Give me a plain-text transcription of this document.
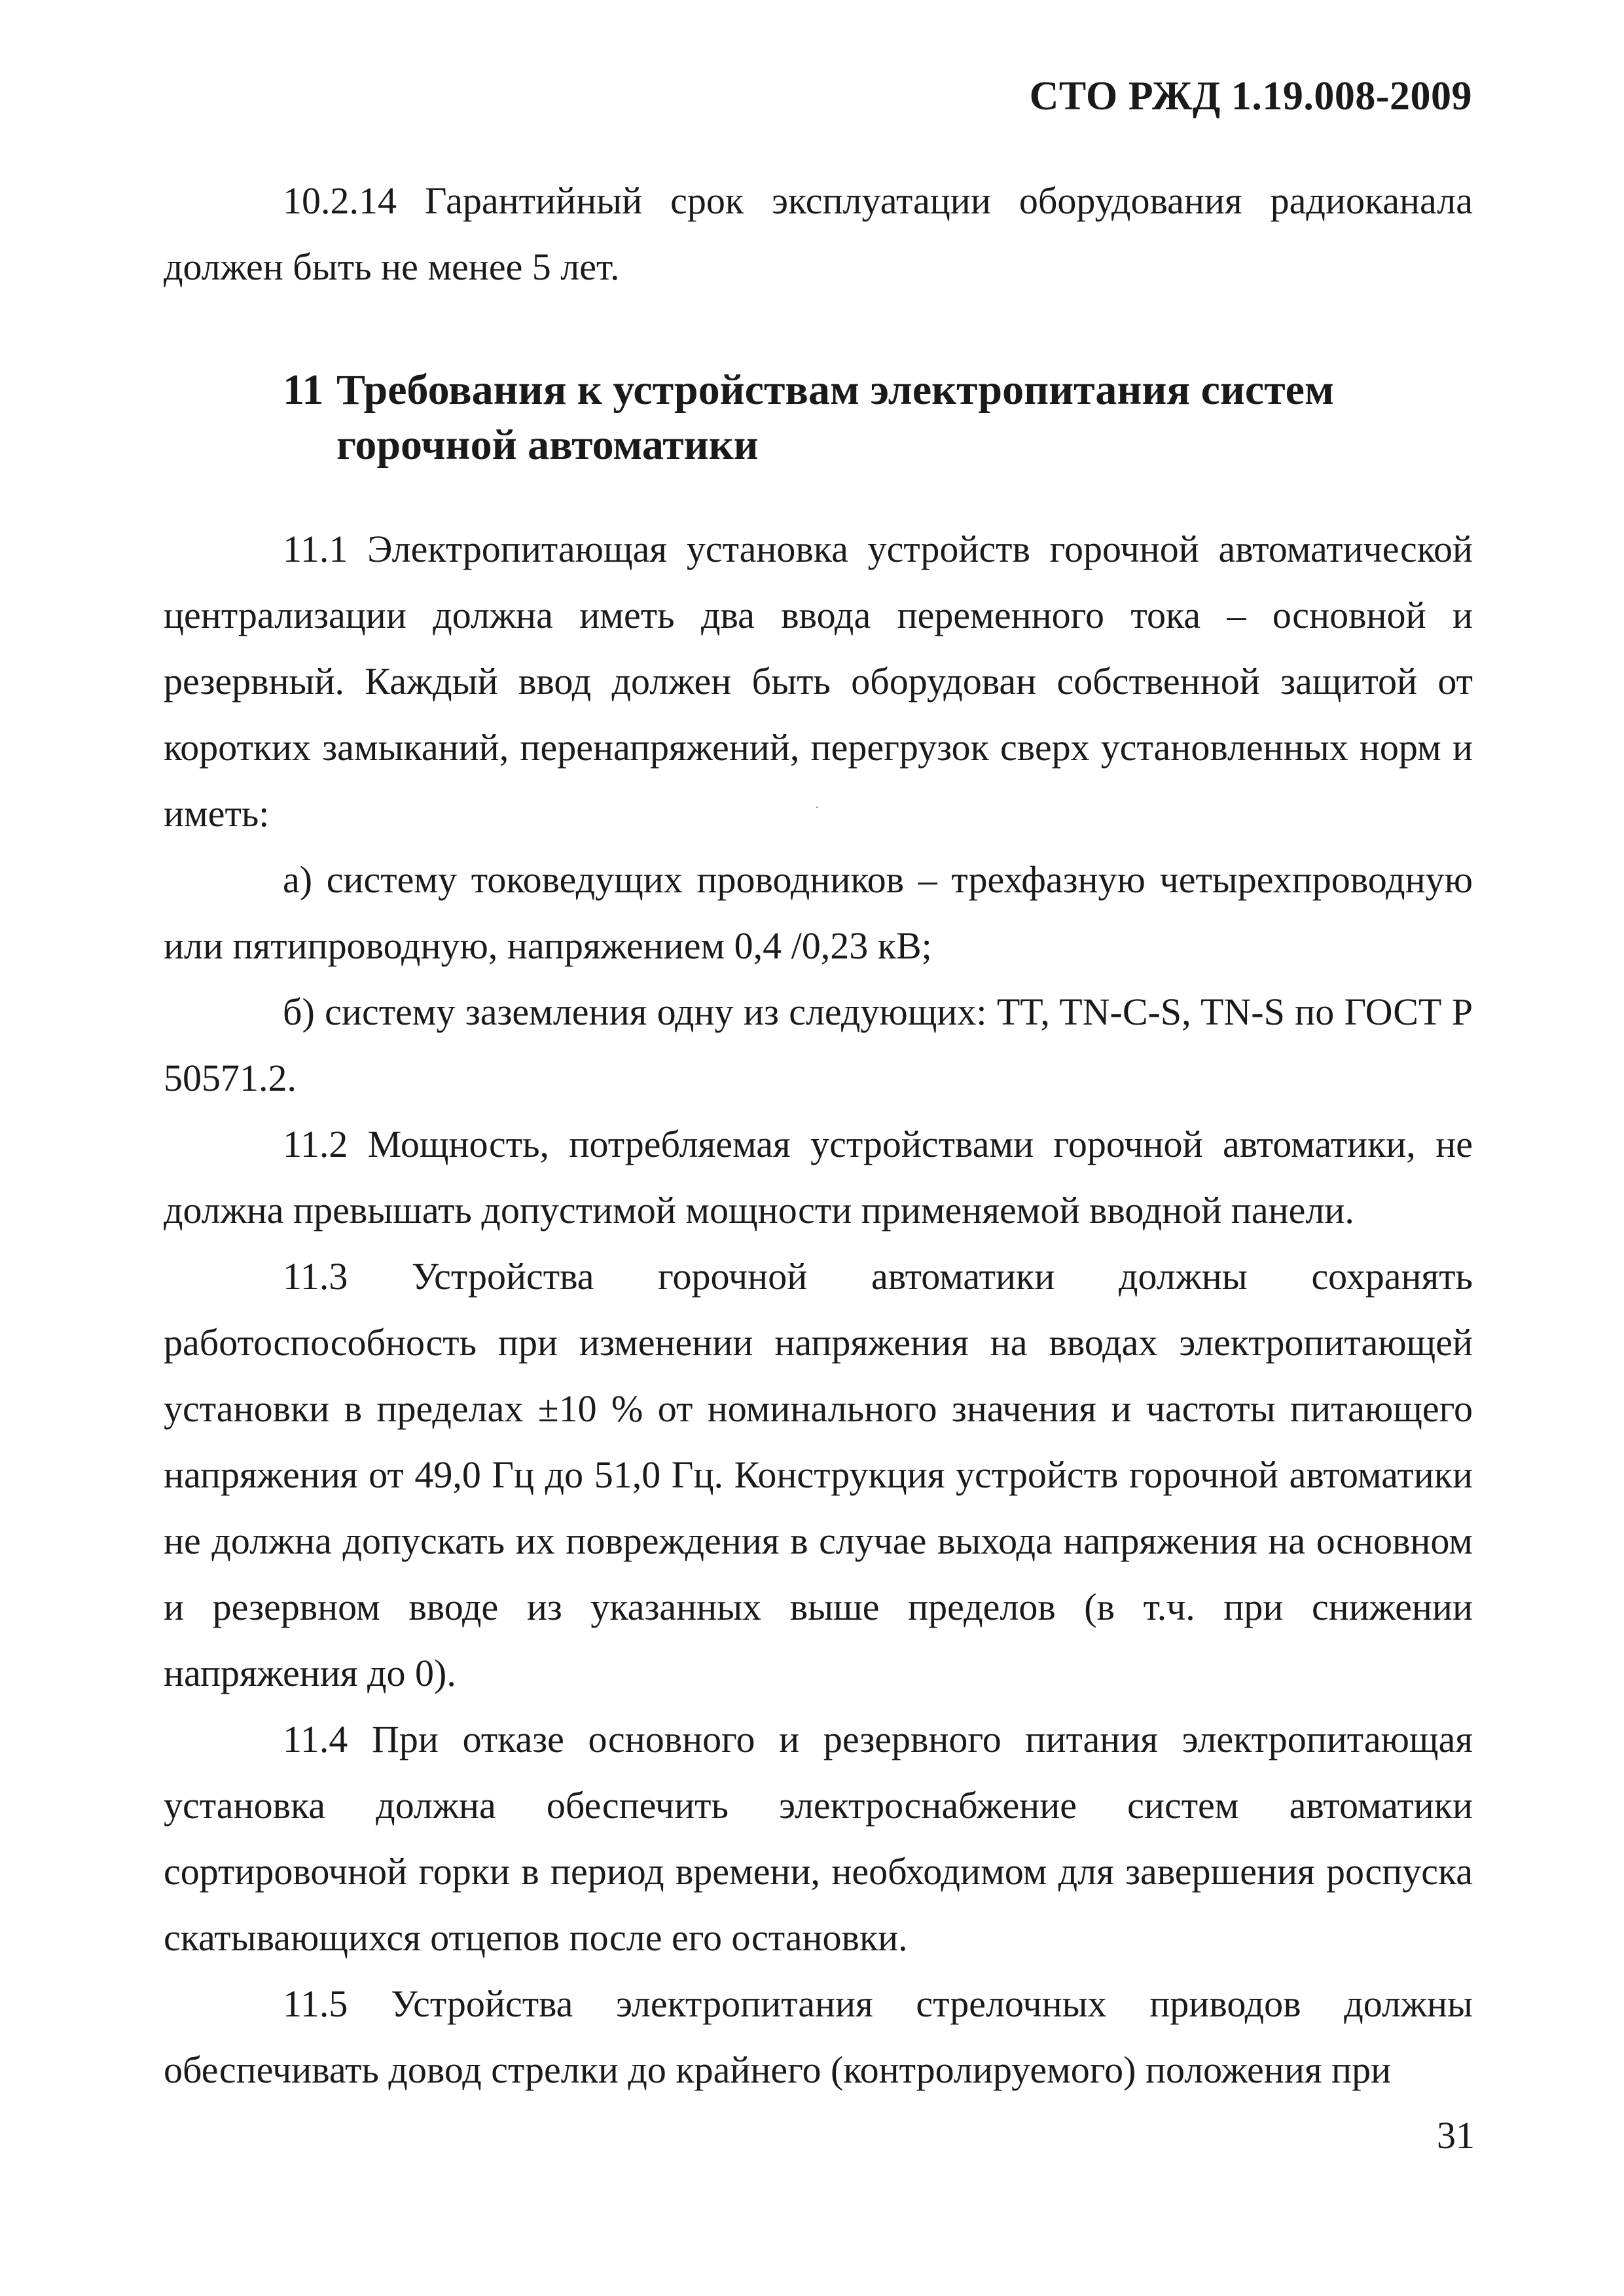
СТО РЖД 1.19.008-2009

10.2.14 Гарантийный срок эксплуатации оборудования радиоканала должен быть не менее 5 лет.

11 Требования к устройствам электропитания систем
горочной автоматики

11.1 Электропитающая установка устройств горочной автоматической централизации должна иметь два ввода переменного тока – основной и резервный. Каждый ввод должен быть оборудован собственной защитой от коротких замыканий, перенапряжений, перегрузок сверх установленных норм и иметь:

а) систему токоведущих проводников – трехфазную четырехпроводную или пятипроводную, напряжением 0,4 /0,23 кВ;

б) систему заземления одну из следующих: TT, TN-C-S, TN-S по ГОСТ Р 50571.2.

11.2 Мощность, потребляемая устройствами горочной автоматики, не должна превышать допустимой мощности применяемой вводной панели.

11.3 Устройства горочной автоматики должны сохранять работоспособность при изменении напряжения на вводах электропитающей установки в пределах ±10 % от номинального значения и частоты питающего напряжения от 49,0 Гц до 51,0 Гц. Конструкция устройств горочной автоматики не должна допускать их повреждения в случае выхода напряжения на основном и резервном вводе из указанных выше пределов (в т.ч. при снижении напряжения до 0).

11.4 При отказе основного и резервного питания электропитающая установка должна обеспечить электроснабжение систем автоматики сортировочной горки в период времени, необходимом для завершения роспуска скатывающихся отцепов после его остановки.

11.5 Устройства электропитания стрелочных приводов должны обеспечивать довод стрелки до крайнего (контролируемого) положения при

31
